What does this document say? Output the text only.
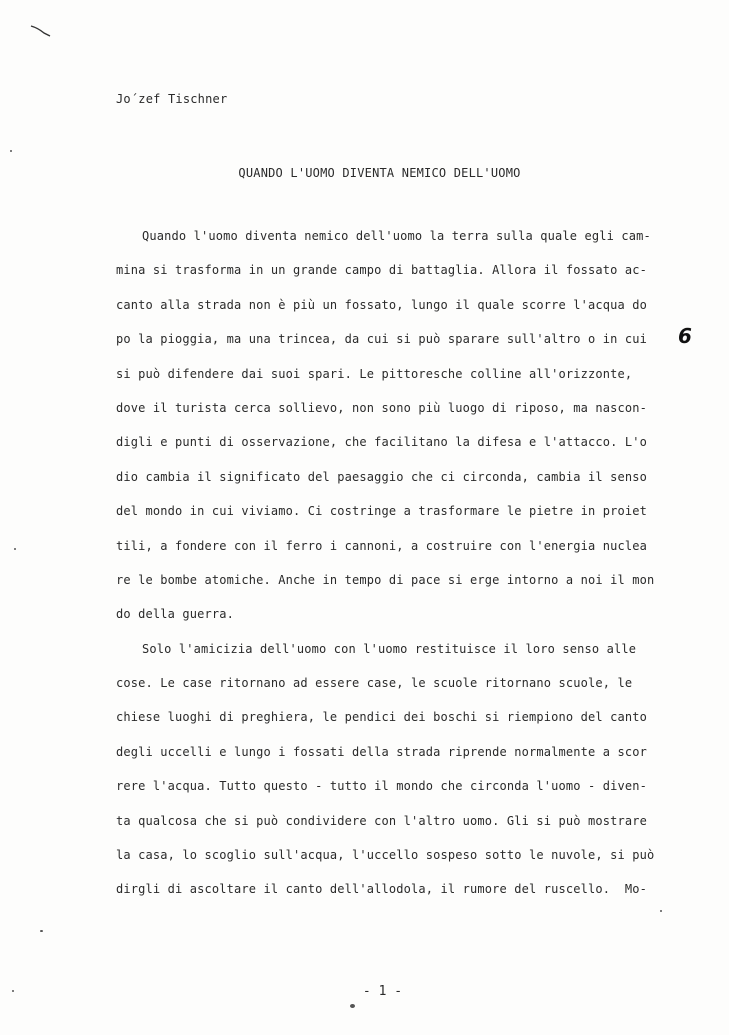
Jo´zef Tischner
QUANDO L'UOMO DIVENTA NEMICO DELL'UOMO
Quando l'uomo diventa nemico dell'uomo la terra sulla quale egli cam-
mina si trasforma in un grande campo di battaglia. Allora il fossato ac-
canto alla strada non è più un fossato, lungo il quale scorre l'acqua do
po la pioggia, ma una trincea, da cui si può sparare sull'altro o in cui
si può difendere dai suoi spari. Le pittoresche colline all'orizzonte,
dove il turista cerca sollievo, non sono più luogo di riposo, ma nascon-
digli e punti di osservazione, che facilitano la difesa e l'attacco. L'o
dio cambia il significato del paesaggio che ci circonda, cambia il senso
del mondo in cui viviamo. Ci costringe a trasformare le pietre in proiet
tili, a fondere con il ferro i cannoni, a costruire con l'energia nuclea
re le bombe atomiche. Anche in tempo di pace si erge intorno a noi il mon
do della guerra.
Solo l'amicizia dell'uomo con l'uomo restituisce il loro senso alle
cose. Le case ritornano ad essere case, le scuole ritornano scuole, le
chiese luoghi di preghiera, le pendici dei boschi si riempiono del canto
degli uccelli e lungo i fossati della strada riprende normalmente a scor
rere l'acqua. Tutto questo - tutto il mondo che circonda l'uomo - diven-
ta qualcosa che si può condividere con l'altro uomo. Gli si può mostrare
la casa, lo scoglio sull'acqua, l'uccello sospeso sotto le nuvole, si può
dirgli di ascoltare il canto dell'allodola, il rumore del ruscello.  Mo-
6
- 1 -
